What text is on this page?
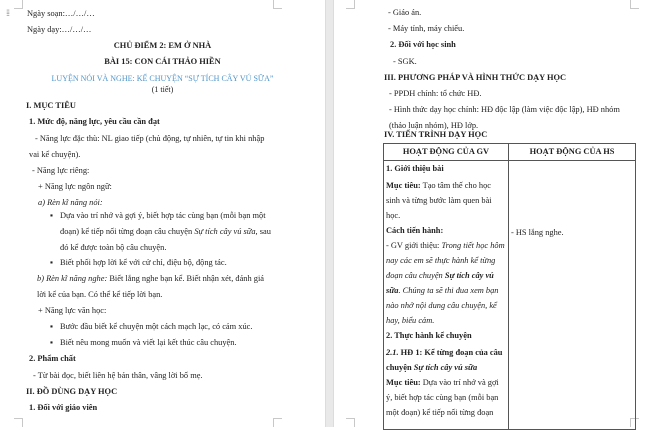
⁞⁞	Ngày soạn:…/…/…
Ngày dạy:…/…/…
CHỦ ĐIỂM 2: EM Ở NHÀ
BÀI 15: CON CÁI THẢO HIỀN
LUYỆN NÓI VÀ NGHE: KỂ CHUYỆN “SỰ TÍCH CÂY VÚ SỮA”
(1 tiết)
I. MỤC TIÊU
1. Mức độ, năng lực, yêu cầu cần đạt
- Năng lực đặc thù: NL giao tiếp (chủ động, tự nhiên, tự tin khi nhập
vai kể chuyện).
- Năng lực riêng:
+ Năng lực ngôn ngữ:
a) Rèn kĩ năng nói:
▪ Dựa vào trí nhớ và gợi ý, biết hợp tác cùng bạn (mỗi bạn một
đoạn) kể tiếp nối từng đoạn câu chuyện Sự tích cây vú sữa, sau
đó kể được toàn bộ câu chuyện.
▪ Biết phối hợp lời kể với cử chỉ, điệu bộ, động tác.
b) Rèn kĩ năng nghe: Biết lắng nghe bạn kể. Biết nhận xét, đánh giá
lời kể của bạn. Có thể kể tiếp lời bạn.
+ Năng lực văn học:
▪ Bước đầu biết kể chuyện một cách mạch lạc, có cảm xúc.
▪ Biết nêu mong muốn và viết lại kết thúc câu chuyện.
2. Phẩm chất
- Từ bài đọc, biết liên hệ bản thân, vâng lời bố mẹ.
II. ĐỒ DÙNG DẠY HỌC
1. Đối với giáo viên
- Giáo án.
- Máy tính, máy chiếu.
2. Đối với học sinh
- SGK.
III. PHƯƠNG PHÁP VÀ HÌNH THỨC DẠY HỌC
- PPDH chính: tổ chức HĐ.
- Hình thức dạy học chính: HĐ độc lập (làm việc độc lập), HĐ nhóm
(thảo luận nhóm), HĐ lớp.
IV. TIẾN TRÌNH DẠY HỌC
HOẠT ĐỘNG CỦA GV	HOẠT ĐỘNG CỦA HS

1. Giới thiệu bài
Mục tiêu: Tạo tâm thế cho học
sinh và từng bước làm quen bài
học.
Cách tiến hành:
- GV giới thiệu: Trong tiết học hôm
nay các em sẽ thực hành kể từng
đoạn câu chuyện Sự tích cây vú
sữa. Chúng ta sẽ thi đua xem bạn
nào nhớ nội dung câu chuyện, kể
hay, biểu cảm.
2. Thực hành kể chuyện
2.1. HĐ 1: Kể từng đoạn của câu
chuyện Sự tích cây vú sữa
Mục tiêu: Dựa vào trí nhớ và gợi
ý, biết hợp tác cùng bạn (mỗi bạn
một đoạn) kể tiếp nối từng đoạn

- HS lắng nghe.
